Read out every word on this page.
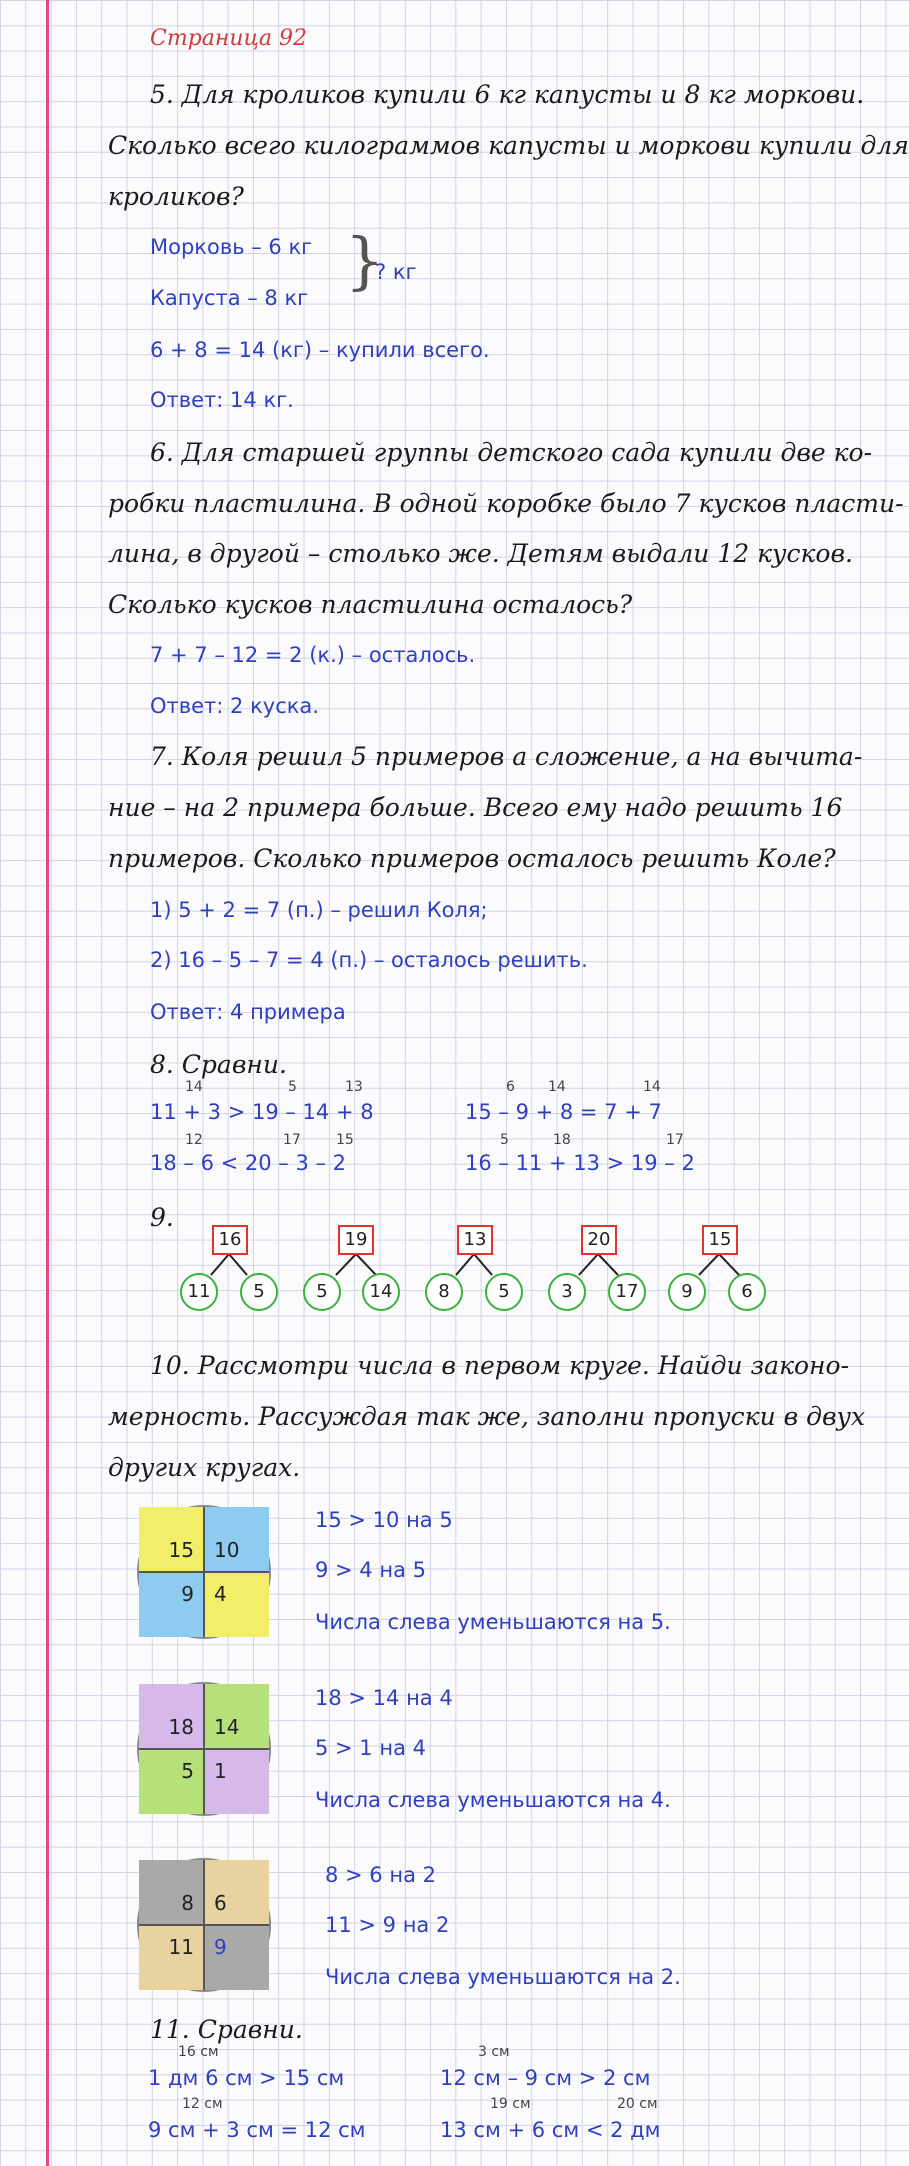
Страница 92
5. Для кроликов купили 6 кг капусты и 8 кг моркови.
Сколько всего килограммов капусты и моркови купили для
кроликов?
Морковь – 6 кг
Капуста – 8 кг
}
? кг
6 + 8 = 14 (кг) – купили всего.
Ответ: 14 кг.
6. Для старшей группы детского сада купили две ко-
робки пластилина. В одной коробке было 7 кусков пласти-
лина, в другой – столько же. Детям выдали 12 кусков.
Сколько кусков пластилина осталось?
7 + 7 – 12 = 2 (к.) – осталось.
Ответ: 2 куска.
7. Коля решил 5 примеров а сложение, а на вычита-
ние – на 2 примера больше. Всего ему надо решить 16
примеров. Сколько примеров осталось решить Коле?
1) 5 + 2 = 7 (п.) – решил Коля;
2) 16 – 5 – 7 = 4 (п.) – осталось решить.
Ответ: 4 примера
8. Сравни.
14	5	13
11 + 3 > 19 – 14 + 8
12	17	15
18 – 6 < 20 – 3 – 2
6 14	14
15 – 9 + 8 = 7 + 7
5	18	17
16 – 11 + 13 > 19 – 2
9.
16
11	5
19
5	14
13
8	5
20
3	17
15
9	6
10. Рассмотри числа в первом круге. Найди законо-
мерность. Рассуждая так же, заполни пропуски в двух
других кругах.
15	10
9	4
15 > 10 на 5
9 > 4 на 5
Числа слева уменьшаются на 5.
18	14
5	1
18 > 14 на 4
5 > 1 на 4
Числа слева уменьшаются на 4.
8	6
11	9
8 > 6 на 2
11 > 9 на 2
Числа слева уменьшаются на 2.
11. Сравни.
16 см
1 дм 6 см > 15 см
12 см
9 см + 3 см = 12 см
3 см
12 см – 9 см > 2 см
19 см	20 см
13 см + 6 см < 2 дм
